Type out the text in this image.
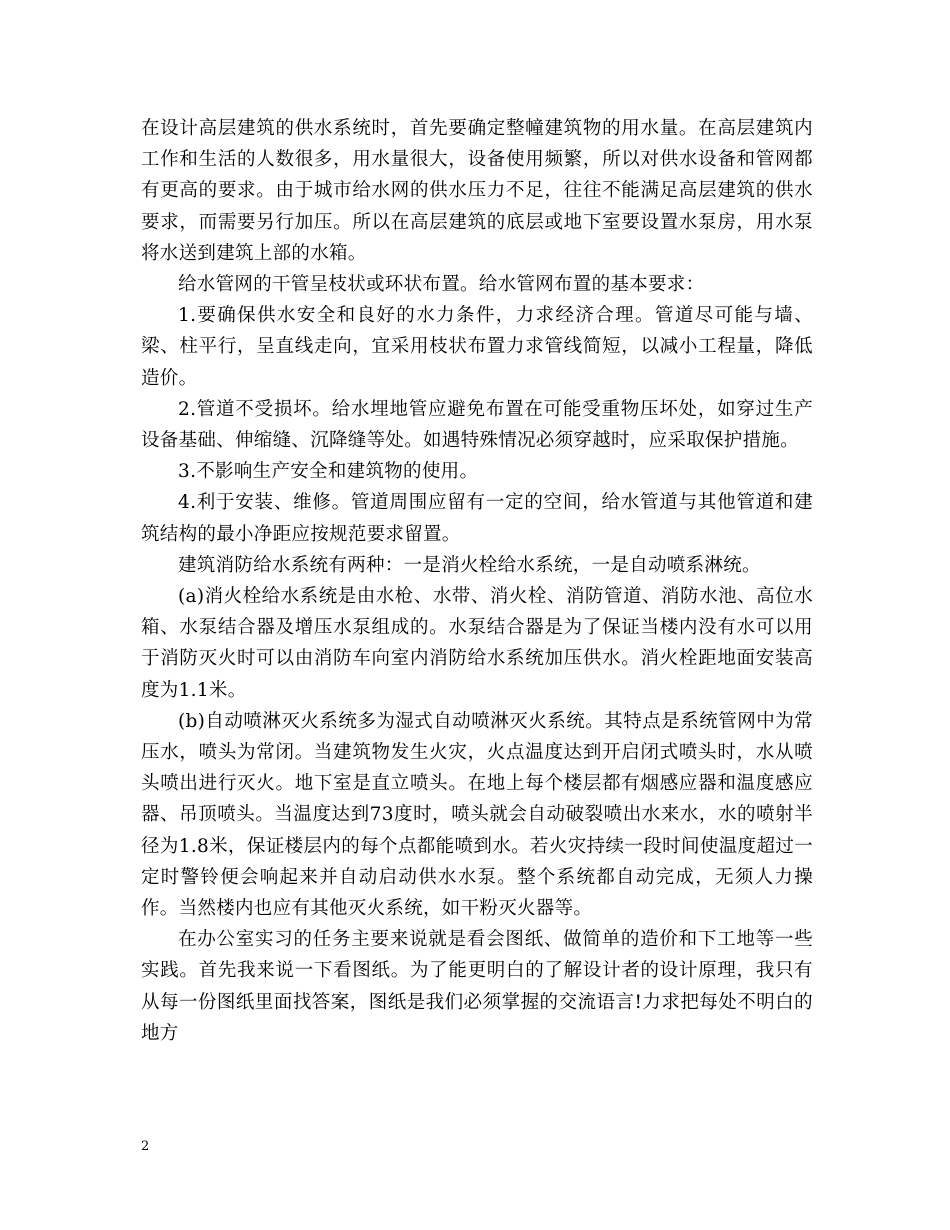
在设计高层建筑的供水系统时，首先要确定整幢建筑物的用水量。在高层建筑内工作和生活的人数很多，用水量很大，设备使用频繁，所以对供水设备和管网都有更高的要求。由于城市给水网的供水压力不足，往往不能满足高层建筑的供水要求，而需要另行加压。所以在高层建筑的底层或地下室要设置水泵房，用水泵将水送到建筑上部的水箱。

给水管网的干管呈枝状或环状布置。给水管网布置的基本要求：

1.要确保供水安全和良好的水力条件，力求经济合理。管道尽可能与墙、梁、柱平行，呈直线走向，宜采用枝状布置力求管线简短，以减小工程量，降低造价。

2.管道不受损坏。给水埋地管应避免布置在可能受重物压坏处，如穿过生产设备基础、伸缩缝、沉降缝等处。如遇特殊情况必须穿越时，应采取保护措施。

3.不影响生产安全和建筑物的使用。

4.利于安装、维修。管道周围应留有一定的空间，给水管道与其他管道和建筑结构的最小净距应按规范要求留置。

建筑消防给水系统有两种：一是消火栓给水系统，一是自动喷系淋统。

(a)消火栓给水系统是由水枪、水带、消火栓、消防管道、消防水池、高位水箱、水泵结合器及增压水泵组成的。水泵结合器是为了保证当楼内没有水可以用于消防灭火时可以由消防车向室内消防给水系统加压供水。消火栓距地面安装高度为1.1米。

(b)自动喷淋灭火系统多为湿式自动喷淋灭火系统。其特点是系统管网中为常压水，喷头为常闭。当建筑物发生火灾，火点温度达到开启闭式喷头时，水从喷头喷出进行灭火。地下室是直立喷头。在地上每个楼层都有烟感应器和温度感应器、吊顶喷头。当温度达到73度时，喷头就会自动破裂喷出水来水，水的喷射半径为1.8米，保证楼层内的每个点都能喷到水。若火灾持续一段时间使温度超过一定时警铃便会响起来并自动启动供水水泵。整个系统都自动完成，无须人力操作。当然楼内也应有其他灭火系统，如干粉灭火器等。

在办公室实习的任务主要来说就是看会图纸、做简单的造价和下工地等一些实践。首先我来说一下看图纸。为了能更明白的了解设计者的设计原理，我只有从每一份图纸里面找答案，图纸是我们必须掌握的交流语言!力求把每处不明白的地方

2
